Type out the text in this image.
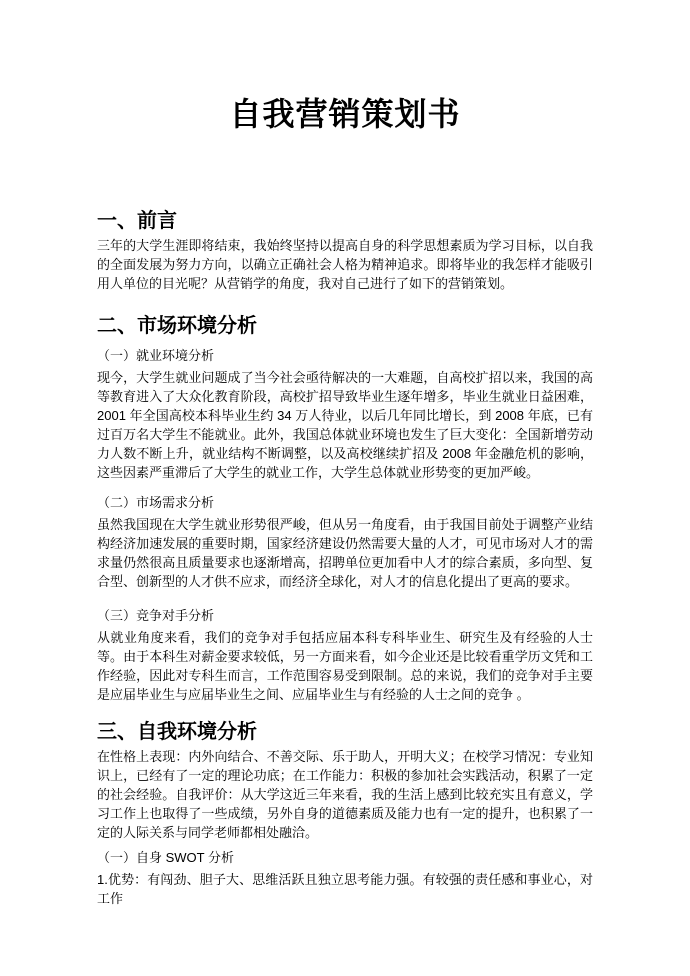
自我营销策划书
一、前言

三年的大学生涯即将结束，我始终坚持以提高自身的科学思想素质为学习目标，以自我的全面发展为努力方向，以确立正确社会人格为精神追求。即将毕业的我怎样才能吸引用人单位的目光呢？从营销学的角度，我对自己进行了如下的营销策划。

二、市场环境分析

（一）就业环境分析

现今，大学生就业问题成了当今社会亟待解决的一大难题，自高校扩招以来，我国的高等教育进入了大众化教育阶段，高校扩招导致毕业生逐年增多，毕业生就业日益困难，2001 年全国高校本科毕业生约 34 万人待业，以后几年同比增长，到 2008 年底，已有过百万名大学生不能就业。此外，我国总体就业环境也发生了巨大变化：全国新增劳动力人数不断上升，就业结构不断调整，以及高校继续扩招及 2008 年金融危机的影响，这些因素严重滞后了大学生的就业工作，大学生总体就业形势变的更加严峻。

（二）市场需求分析

虽然我国现在大学生就业形势很严峻，但从另一角度看，由于我国目前处于调整产业结构经济加速发展的重要时期，国家经济建设仍然需要大量的人才，可见市场对人才的需求量仍然很高且质量要求也逐渐增高，招聘单位更加看中人才的综合素质，多向型、复合型、创新型的人才供不应求，而经济全球化，对人才的信息化提出了更高的要求。

（三）竞争对手分析

从就业角度来看，我们的竞争对手包括应届本科专科毕业生、研究生及有经验的人士等。由于本科生对薪金要求较低，另一方面来看，如今企业还是比较看重学历文凭和工作经验，因此对专科生而言，工作范围容易受到限制。总的来说，我们的竞争对手主要是应届毕业生与应届毕业生之间、应届毕业生与有经验的人士之间的竞争 。

三、自我环境分析

在性格上表现：内外向结合、不善交际、乐于助人，开明大义；在校学习情况：专业知识上，已经有了一定的理论功底；在工作能力：积极的参加社会实践活动，积累了一定的社会经验。自我评价：从大学这近三年来看，我的生活上感到比较充实且有意义，学习工作上也取得了一些成绩，另外自身的道德素质及能力也有一定的提升，也积累了一定的人际关系与同学老师都相处融洽。

（一）自身 SWOT 分析

1.优势：有闯劲、胆子大、思维活跃且独立思考能力强。有较强的责任感和事业心，对工作
